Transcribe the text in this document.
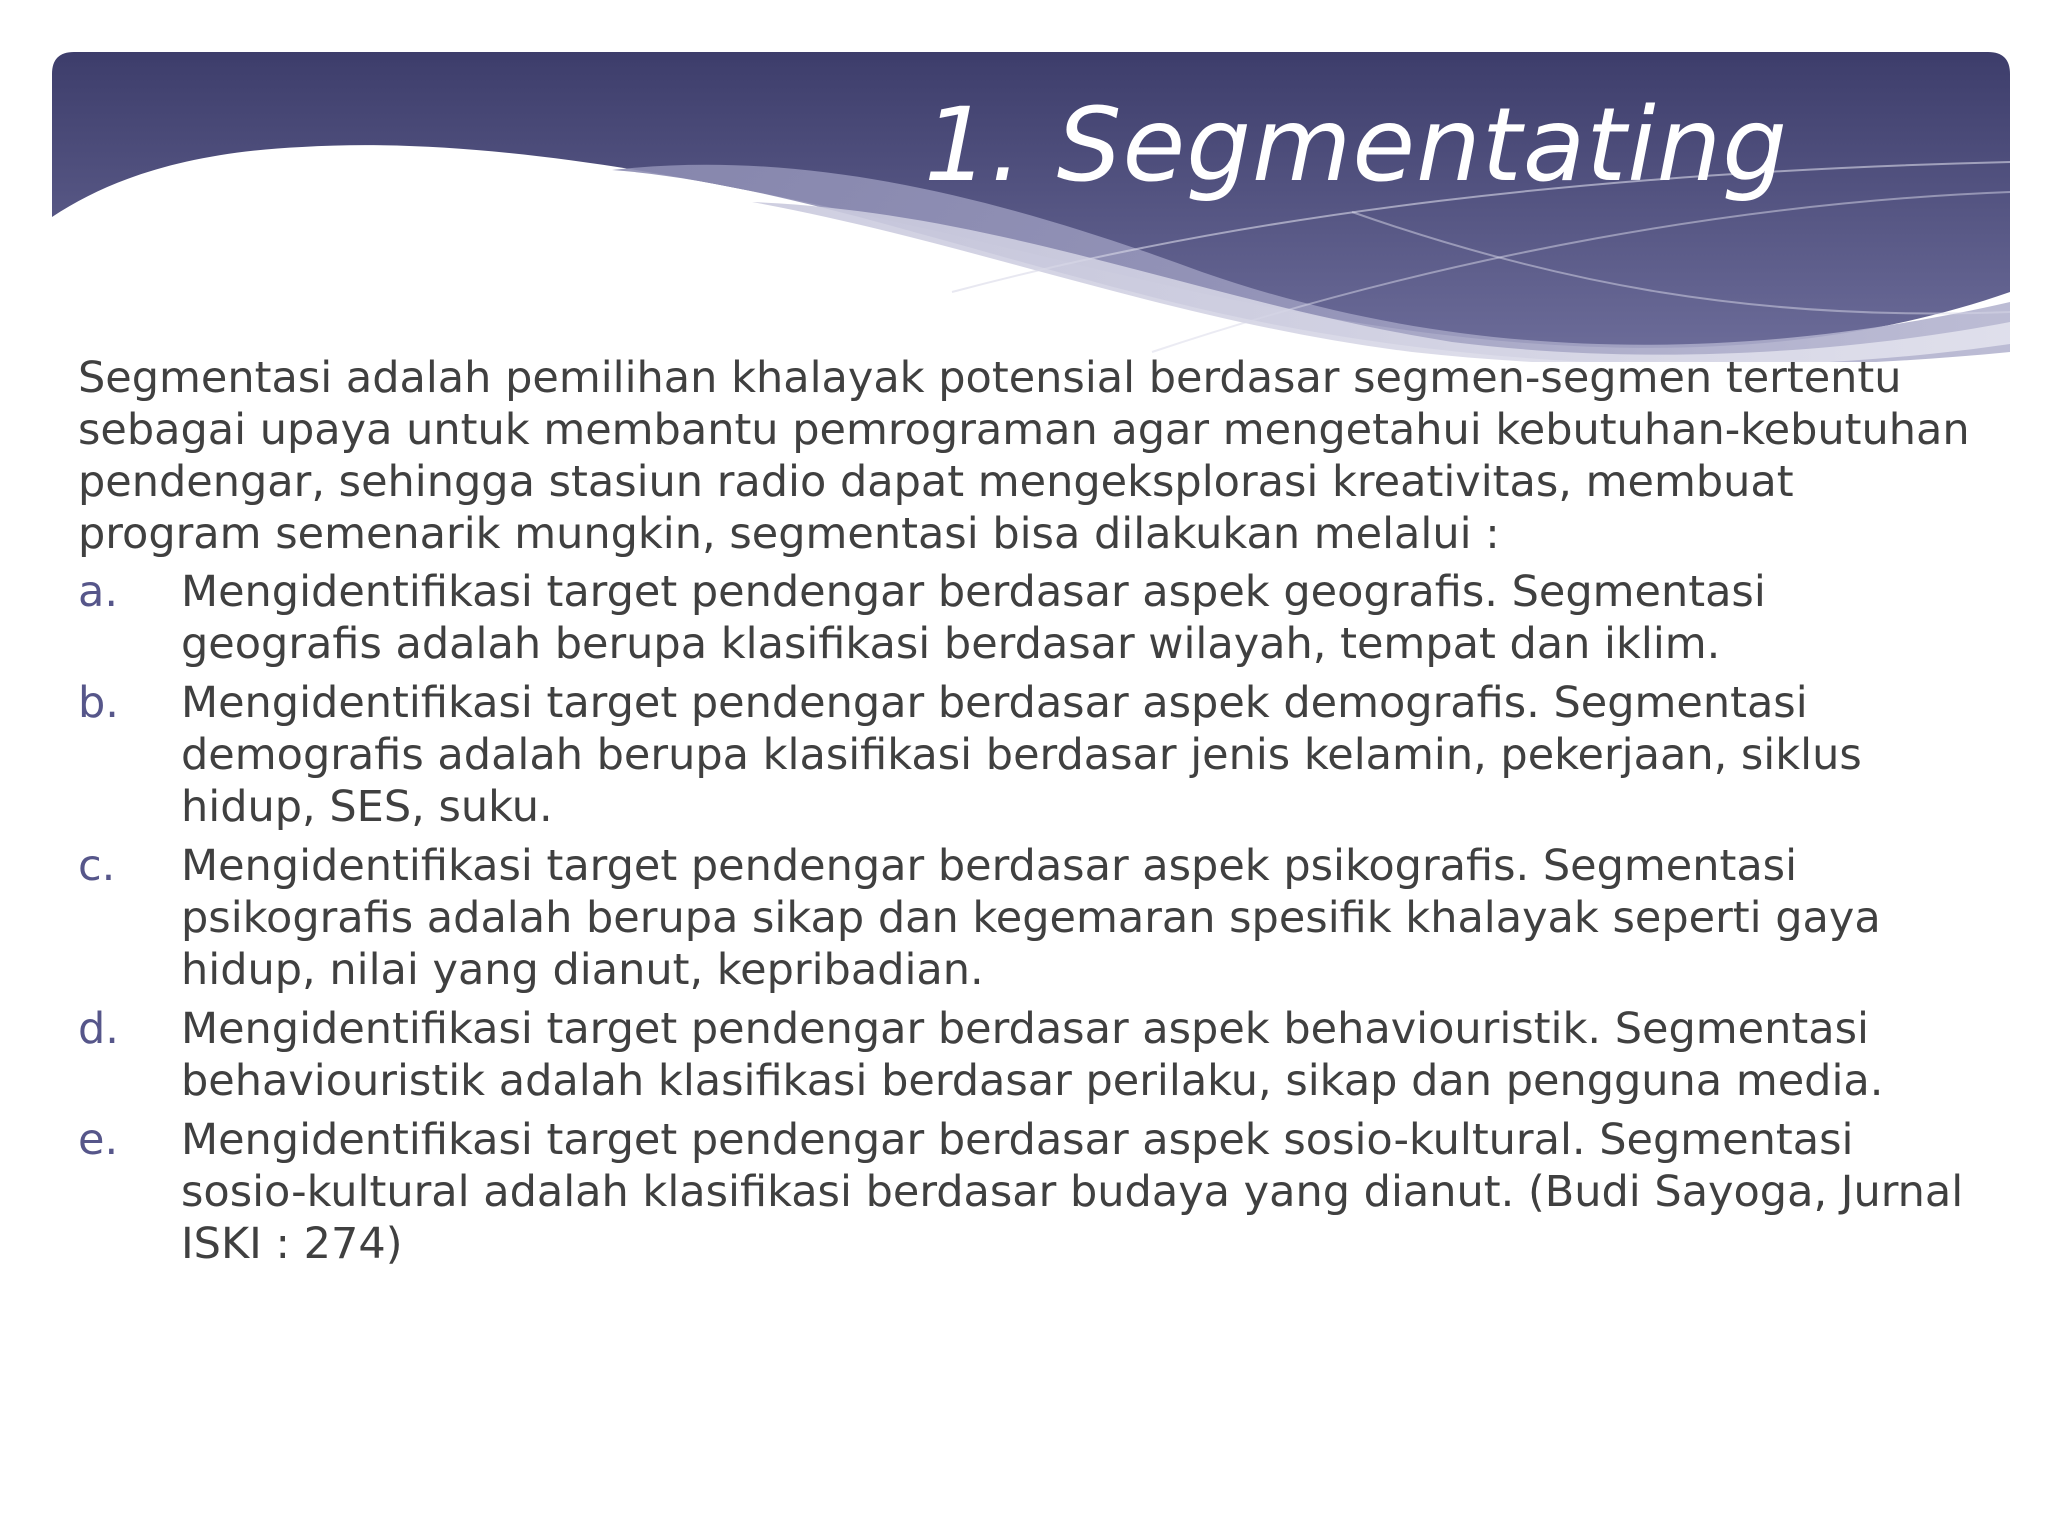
1. Segmentating

Segmentasi adalah pemilihan khalayak potensial berdasar segmen-segmen tertentu sebagai upaya untuk membantu pemrograman agar mengetahui kebutuhan-kebutuhan pendengar, sehingga stasiun radio dapat mengeksplorasi kreativitas, membuat program semenarik mungkin, segmentasi bisa dilakukan melalui :

a.	Mengidentifikasi target pendengar berdasar aspek geografis. Segmentasi geografis adalah berupa klasifikasi berdasar wilayah, tempat dan iklim.
b.	Mengidentifikasi target pendengar berdasar aspek demografis. Segmentasi demografis adalah berupa klasifikasi berdasar jenis kelamin, pekerjaan, siklus hidup, SES, suku.
c.	Mengidentifikasi target pendengar berdasar aspek psikografis. Segmentasi psikografis adalah berupa sikap dan kegemaran spesifik khalayak seperti gaya hidup, nilai yang dianut, kepribadian.
d.	Mengidentifikasi target pendengar berdasar aspek behaviouristik. Segmentasi behaviouristik adalah klasifikasi berdasar perilaku, sikap dan pengguna media.
e.	Mengidentifikasi target pendengar berdasar aspek sosio-kultural. Segmentasi sosio-kultural adalah klasifikasi berdasar budaya yang dianut. (Budi Sayoga, Jurnal ISKI : 274)
